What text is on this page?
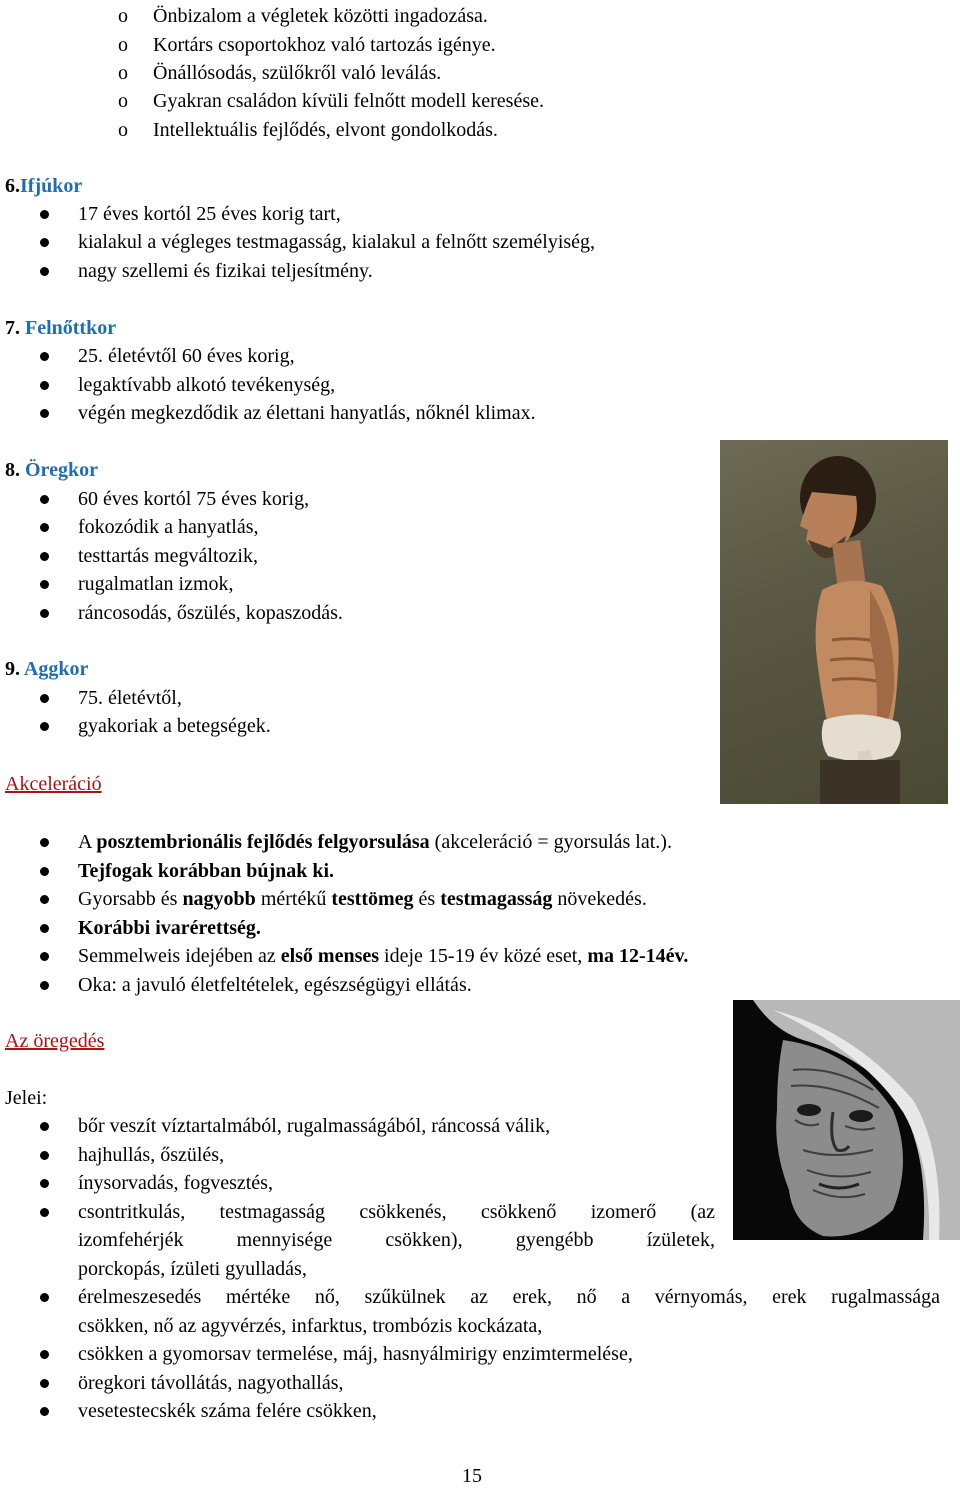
o Önbizalom a végletek közötti ingadozása.
o Kortárs csoportokhoz való tartozás igénye.
o Önállósodás, szülőkről való leválás.
o Gyakran családon kívüli felnőtt modell keresése.
o Intellektuális fejlődés, elvont gondolkodás.
6.Ifjúkor
17 éves kortól 25 éves korig tart,
kialakul a végleges testmagasság, kialakul a felnőtt személyiség,
nagy szellemi és fizikai teljesítmény.
7. Felnőttkor
25. életévtől 60 éves korig,
legaktívabb alkotó tevékenység,
végén megkezdődik az élettani hanyatlás, nőknél klimax.
8. Öregkor
60 éves kortól 75 éves korig,
fokozódik a hanyatlás,
testtartás megváltozik,
rugalmatlan izmok,
ráncosodás, őszülés, kopaszodás.
9. Aggkor
75. életévtől,
gyakoriak a betegségek.
Akceleráció
A posztembrionális fejlődés felgyorsulása (akceleráció = gyorsulás lat.).
Tejfogak korábban bújnak ki.
Gyorsabb és nagyobb mértékű testtömeg és testmagasság növekedés.
Korábbi ivarérettség.
Semmelweis idejében az első menses ideje 15-19 év közé eset, ma 12-14év.
Oka: a javuló életfeltételek, egészségügyi ellátás.
Az öregedés
Jelei:
bőr veszít víztartalmából, rugalmasságából, ráncossá válik,
hajhullás, őszülés,
ínysorvadás, fogvesztés,
csontritkulás, testmagasság csökkenés, csökkenő izomerő (az
izomfehérjék mennyisége csökken), gyengébb ízületek,
porckopás, ízületi gyulladás,
érelmeszesedés mértéke nő, szűkülnek az erek, nő a vérnyomás, erek rugalmassága
csökken, nő az agyvérzés, infarktus, trombózis kockázata,
csökken a gyomorsav termelése, máj, hasnyálmirigy enzimtermelése,
öregkori távollátás, nagyothallás,
vesetestecskék száma felére csökken,
15
